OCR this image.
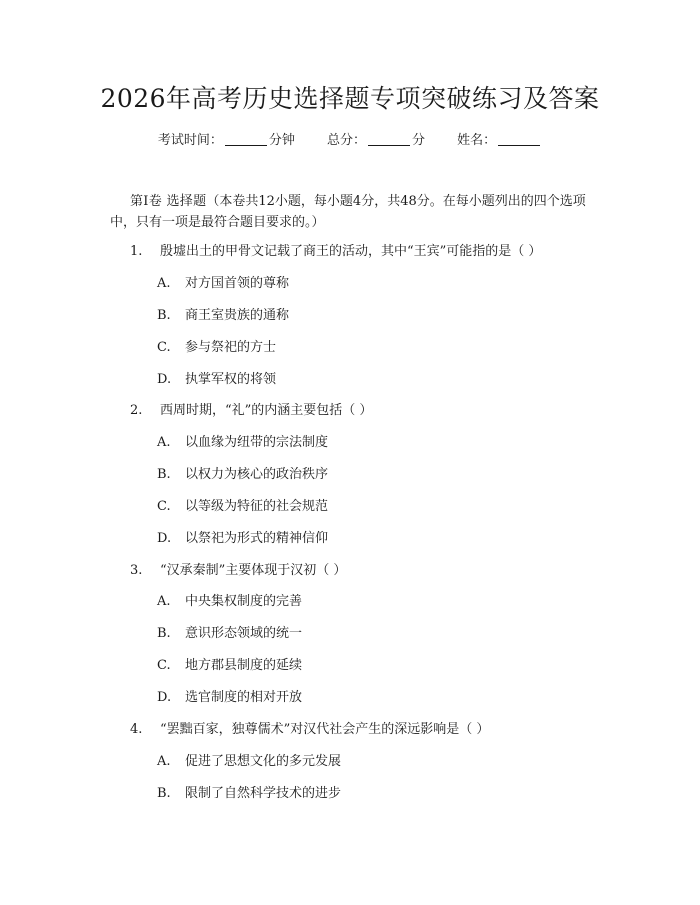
2026年高考历史选择题专项突破练习及答案
考试时间：	分钟 总分：	分 姓名：
第Ⅰ卷 选择题（本卷共12小题，每小题4分，共48分。在每小题列出的四个选项中，只有一项是最符合题目要求的。）
1. 殷墟出土的甲骨文记载了商王的活动，其中“王宾”可能指的是（ ）
A. 对方国首领的尊称
B. 商王室贵族的通称
C. 参与祭祀的方士
D. 执掌军权的将领
2. 西周时期，“礼”的内涵主要包括（ ）
A. 以血缘为纽带的宗法制度
B. 以权力为核心的政治秩序
C. 以等级为特征的社会规范
D. 以祭祀为形式的精神信仰
3. “汉承秦制”主要体现于汉初（ ）
A. 中央集权制度的完善
B. 意识形态领域的统一
C. 地方郡县制度的延续
D. 选官制度的相对开放
4. “罢黜百家，独尊儒术”对汉代社会产生的深远影响是（ ）
A. 促进了思想文化的多元发展
B. 限制了自然科学技术的进步
